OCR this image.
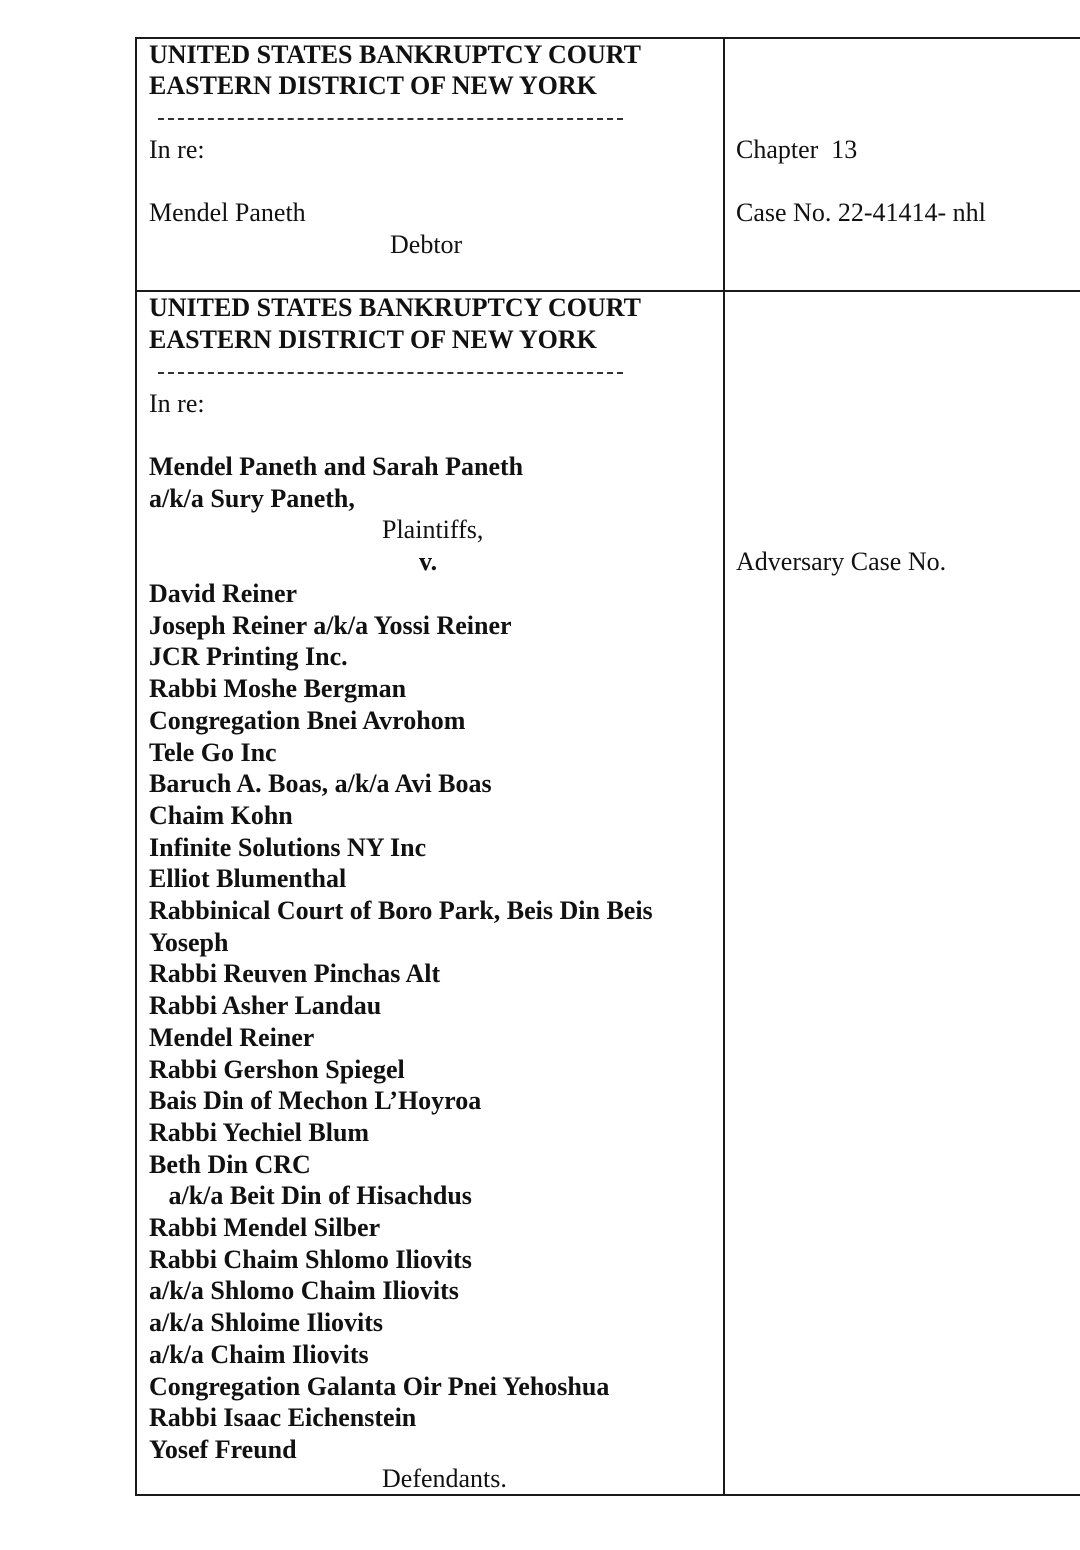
UNITED STATES BANKRUPTCY COURT
EASTERN DISTRICT OF NEW YORK
In re:
Mendel Paneth
Debtor
Chapter  13
Case No. 22-41414- nhl
UNITED STATES BANKRUPTCY COURT
EASTERN DISTRICT OF NEW YORK
In re:
Mendel Paneth and Sarah Paneth
a/k/a Sury Paneth,
Plaintiffs,
v.
David Reiner
Joseph Reiner a/k/a Yossi Reiner
JCR Printing Inc.
Rabbi Moshe Bergman
Congregation Bnei Avrohom
Tele Go Inc
Baruch A. Boas, a/k/a Avi Boas
Chaim Kohn
Infinite Solutions NY Inc
Elliot Blumenthal
Rabbinical Court of Boro Park, Beis Din Beis
Yoseph
Rabbi Reuven Pinchas Alt
Rabbi Asher Landau
Mendel Reiner
Rabbi Gershon Spiegel
Bais Din of Mechon L’Hoyroa
Rabbi Yechiel Blum
Beth Din CRC
a/k/a Beit Din of Hisachdus
Rabbi Mendel Silber
Rabbi Chaim Shlomo Iliovits
a/k/a Shlomo Chaim Iliovits
a/k/a Shloime Iliovits
a/k/a Chaim Iliovits
Congregation Galanta Oir Pnei Yehoshua
Rabbi Isaac Eichenstein
Yosef Freund
Defendants.
Adversary Case No.
